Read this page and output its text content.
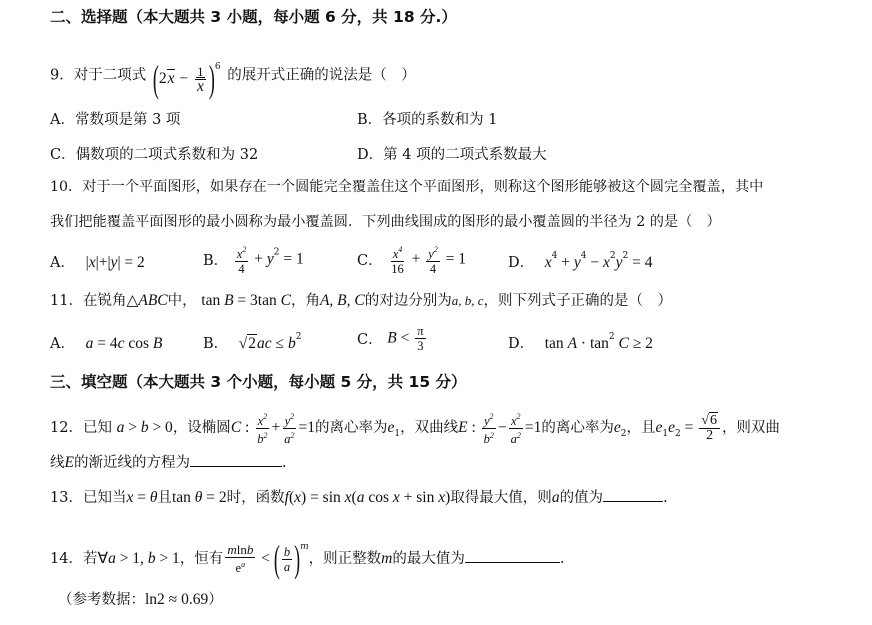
二、选择题（本大题共 3 小题，每小题 6 分，共 18 分.）
9．对于二项式 $(2x - \frac{1}{x} )^6$ 的展开式正确的说法是（　）
A．常数项是第 3 项	B．各项的系数和为 1
C．偶数项的二项式系数和为 32	D．第 4 项的二项式系数最大
10．对于一个平面图形，如果存在一个圆能完全覆盖住这个平面图形，则称这个图形能够被这个圆完全覆盖，其中
我们把能覆盖平面图形的最小圆称为最小覆盖圆．下列曲线围成的图形的最小覆盖圆的半径为 2 的是（　）
A． |x|+|y| = 2	B． $\frac{x^2}{4} + y^2 = 1$	C． $\frac{x^4}{16} + \frac{y^2}{4} = 1$	D． $x^4 + y^4 - x^2y^2 = 4$
11．在锐角△ABC中， tan B = 3tan C，角A, B, C的对边分别为a, b, c，则下列式子正确的是（　）
A． a = 4c cos B	B． $√2ac \le b^2$	C． $B < \frac{\pi}{3}$	D． $\tan A \cdot \tan^2 C \ge 2$
三、填空题（本大题共 3 个小题，每小题 5 分，共 15 分）
12．已知 a > b > 0，设椭圆C : $\frac{x^2}{b^2} + \frac{y^2}{a^2} =1$的离心率为$e_1$，双曲线E : $\frac{y^2}{b^2} - \frac{x^2}{a^2} =1$的离心率为$e_2$，且$e_1e_2 = \frac{√6}{2}$ ，则双曲
线E的渐近线的方程为	.
13．已知当x = θ且tan θ = 2时，函数f(x) = sin x(a cos x + sin x)取得最大值，则a的值为	.
14．若∀a > 1, b > 1，恒有 $\frac{mlnb}{e^a}$ < ( $\frac{b}{a} )^m$，则正整数m的最大值为	.
（参考数据：ln2 ≈ 0.69）
